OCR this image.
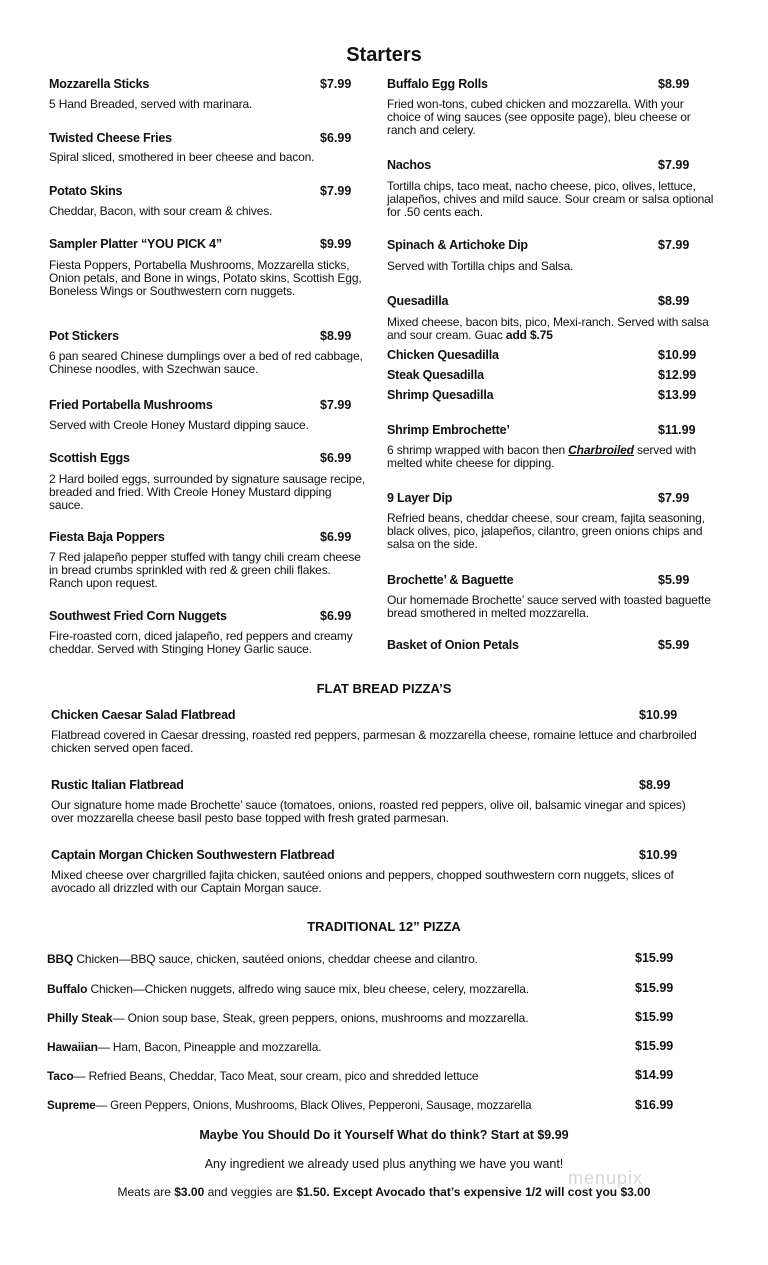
Starters
Mozzarella Sticks	$7.99
5 Hand Breaded, served with marinara.
Twisted Cheese Fries	$6.99
Spiral sliced, smothered in beer cheese and bacon.
Potato Skins	$7.99
Cheddar, Bacon, with sour cream & chives.
Sampler Platter “YOU PICK 4”	$9.99
Fiesta Poppers, Portabella Mushrooms, Mozzarella sticks, Onion petals, and Bone in wings, Potato skins, Scottish Egg, Boneless Wings or Southwestern corn nuggets.
Pot Stickers	$8.99
6 pan seared Chinese dumplings over a bed of red cabbage, Chinese noodles, with Szechwan sauce.
Fried Portabella Mushrooms	$7.99
Served with Creole Honey Mustard dipping sauce.
Scottish Eggs	$6.99
2 Hard boiled eggs, surrounded by signature sausage recipe, breaded and fried. With Creole Honey Mustard dipping sauce.
Fiesta Baja Poppers	$6.99
7 Red jalapeño pepper stuffed with tangy chili cream cheese in bread crumbs sprinkled with red & green chili flakes. Ranch upon request.
Southwest Fried Corn Nuggets	$6.99
Fire-roasted corn, diced jalapeño, red peppers and creamy cheddar. Served with Stinging Honey Garlic sauce.
Buffalo Egg Rolls	$8.99
Fried won-tons, cubed chicken and mozzarella. With your choice of wing sauces (see opposite page), bleu cheese or ranch and celery.
Nachos	$7.99
Tortilla chips, taco meat, nacho cheese, pico, olives, lettuce, jalapeños, chives and mild sauce. Sour cream or salsa optional for .50 cents each.
Spinach & Artichoke Dip	$7.99
Served with Tortilla chips and Salsa.
Quesadilla	$8.99
Mixed cheese, bacon bits, pico, Mexi-ranch. Served with salsa and sour cream. Guac add $.75
Chicken Quesadilla	$10.99
Steak Quesadilla	$12.99
Shrimp Quesadilla	$13.99
Shrimp Embrochette’	$11.99
6 shrimp wrapped with bacon then Charbroiled served with melted white cheese for dipping.
9 Layer Dip	$7.99
Refried beans, cheddar cheese, sour cream, fajita seasoning, black olives, pico, jalapeños, cilantro, green onions chips and salsa on the side.
Brochette’ & Baguette	$5.99
Our homemade Brochette’ sauce served with toasted baguette bread smothered in melted mozzarella.
Basket of Onion Petals	$5.99
FLAT BREAD PIZZA’S
Chicken Caesar Salad Flatbread	$10.99
Flatbread covered in Caesar dressing, roasted red peppers, parmesan & mozzarella cheese, romaine lettuce and charbroiled chicken served open faced.
Rustic Italian Flatbread	$8.99
Our signature home made Brochette’ sauce (tomatoes, onions, roasted red peppers, olive oil, balsamic vinegar and spices) over mozzarella cheese basil pesto base topped with fresh grated parmesan.
Captain Morgan Chicken Southwestern Flatbread	$10.99
Mixed cheese over chargrilled fajita chicken, sautéed onions and peppers, chopped southwestern corn nuggets, slices of avocado all drizzled with our Captain Morgan sauce.
TRADITIONAL 12” PIZZA
BBQ Chicken—BBQ sauce, chicken, sautéed onions, cheddar cheese and cilantro.	$15.99
Buffalo Chicken—Chicken nuggets, alfredo wing sauce mix, bleu cheese, celery, mozzarella.	$15.99
Philly Steak— Onion soup base, Steak, green peppers, onions, mushrooms and mozzarella.	$15.99
Hawaiian— Ham, Bacon, Pineapple and mozzarella.	$15.99
Taco— Refried Beans, Cheddar, Taco Meat, sour cream, pico and shredded lettuce	$14.99
Supreme— Green Peppers, Onions, Mushrooms, Black Olives, Pepperoni, Sausage, mozzarella	$16.99
Maybe You Should Do it Yourself What do think? Start at $9.99
Any ingredient we already used plus anything we have you want!
Meats are $3.00 and veggies are $1.50. Except Avocado that’s expensive 1/2 will cost you $3.00
menupix
